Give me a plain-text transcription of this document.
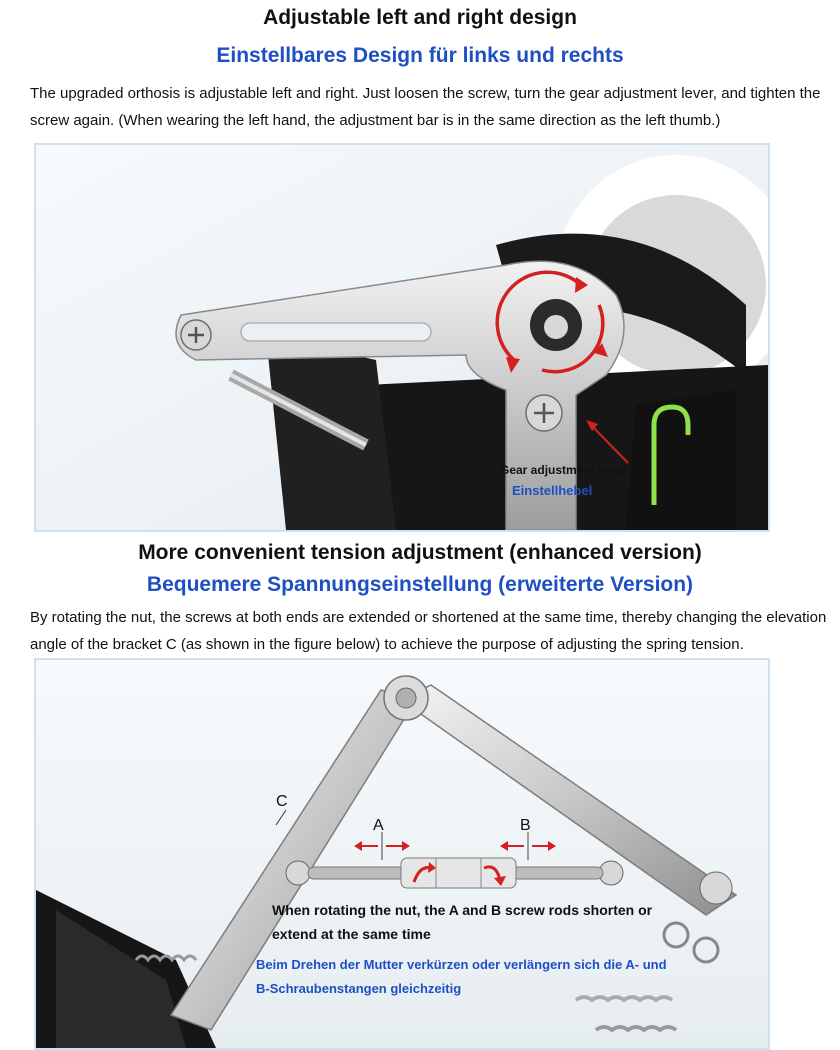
Adjustable left and right design
Einstellbares Design für links und rechts
The upgraded orthosis is adjustable left and right. Just loosen the screw, turn the gear adjustment lever, and tighten the screw again. (When wearing the left hand, the adjustment bar is in the same direction as the left thumb.)
Gear adjustment lever
Einstellhebel
More convenient tension adjustment (enhanced version)
Bequemere Spannungseinstellung (erweiterte Version)
By rotating the nut, the screws at both ends are extended or shortened at the same time, thereby changing the elevation angle of the bracket C (as shown in the figure below) to achieve the purpose of adjusting the spring tension.
C
A	B
When rotating the nut, the A and B screw rods shorten or extend at the same time
Beim Drehen der Mutter verkürzen oder verlängern sich die A- und B-Schraubenstangen gleichzeitig
